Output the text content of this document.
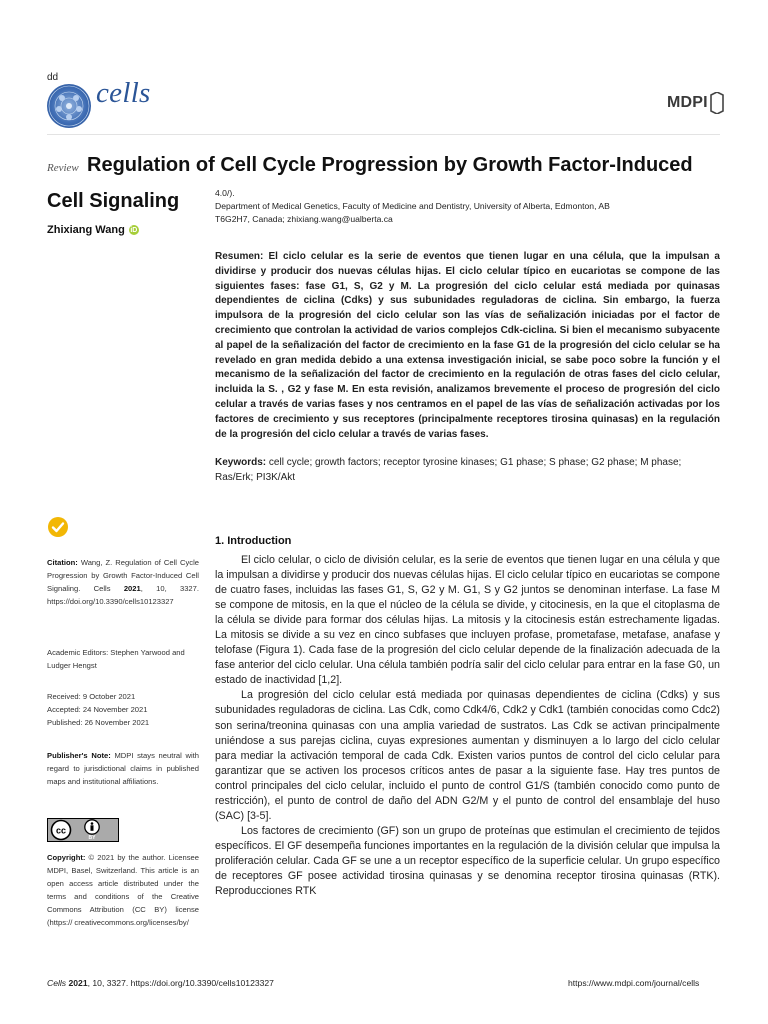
dd cells	MDPI
Review Regulation of Cell Cycle Progression by Growth Factor-Induced
Cell Signaling
Zhixiang Wang iD
4.0/).
Department of Medical Genetics, Faculty of Medicine and Dentistry, University of Alberta, Edmonton, AB
T6G2H7, Canada; zhixiang.wang@ualberta.ca

Resumen: El ciclo celular es la serie de eventos que tienen lugar en una célula, que la impulsan a dividirse y producir dos nuevas células hijas. El ciclo celular típico en eucariotas se compone de las siguientes fases: fase G1, S, G2 y M. La progresión del ciclo celular está mediada por quinasas dependientes de ciclina (Cdks) y sus subunidades reguladoras de ciclina. Sin embargo, la fuerza impulsora de la progresión del ciclo celular son las vías de señalización iniciadas por el factor de crecimiento que controlan la actividad de varios complejos Cdk-ciclina. Si bien el mecanismo subyacente al papel de la señalización del factor de crecimiento en la fase G1 de la progresión del ciclo celular se ha revelado en gran medida debido a una extensa investigación inicial, se sabe poco sobre la función y el mecanismo de la señalización del factor de crecimiento en la regulación de otras fases del ciclo celular, incluida la S. , G2 y fase M. En esta revisión, analizamos brevemente el proceso de progresión del ciclo celular a través de varias fases y nos centramos en el papel de las vías de señalización activadas por los factores de crecimiento y sus receptores (principalmente receptores tirosina quinasas) en la regulación de la progresión del ciclo celular a través de varias fases.

Keywords: cell cycle; growth factors; receptor tyrosine kinases; G1 phase; S phase; G2 phase; M phase; Ras/Erk; PI3K/Akt
Citation: Wang, Z. Regulation of Cell Cycle Progression by Growth Factor-Induced Cell Signaling. Cells 2021, 10, 3327. https://doi.org/10.3390/cells10123327
Academic Editors: Stephen Yarwood and Ludger Hengst
Received: 9 October 2021
Accepted: 24 November 2021
Published: 26 November 2021
Publisher's Note: MDPI stays neutral with regard to jurisdictional claims in published maps and institutional affiliations.
cc
BY
Copyright: © 2021 by the author. Licensee MDPI, Basel, Switzerland. This article is an open access article distributed under the terms and conditions of the Creative Commons Attribution (CC BY) license (https:// creativecommons.org/licenses/by/
1. Introduction

El ciclo celular, o ciclo de división celular, es la serie de eventos que tienen lugar en una célula y que la impulsan a dividirse y producir dos nuevas células hijas. El ciclo celular típico en eucariotas se compone de cuatro fases, incluidas las fases G1, S, G2 y M. G1, S y G2 juntos se denominan interfase. La fase M se compone de mitosis, en la que el núcleo de la célula se divide, y citocinesis, en la que el citoplasma de la célula se divide para formar dos células hijas. La mitosis y la citocinesis están estrechamente ligadas. La mitosis se divide a su vez en cinco subfases que incluyen profase, prometafase, metafase, anafase y telofase (Figura 1). Cada fase de la progresión del ciclo celular depende de la finalización adecuada de la fase anterior del ciclo celular. Una célula también podría salir del ciclo celular para entrar en la fase G0, un estado de inactividad [1,2].

La progresión del ciclo celular está mediada por quinasas dependientes de ciclina (Cdks) y sus subunidades reguladoras de ciclina. Las Cdk, como Cdk4/6, Cdk2 y Cdk1 (también conocidas como Cdc2) son serina/treonina quinasas con una amplia variedad de sustratos. Las Cdk se activan principalmente uniéndose a sus parejas ciclina, cuyas expresiones aumentan y disminuyen a lo largo del ciclo celular para mediar la activación temporal de cada Cdk. Existen varios puntos de control del ciclo celular para garantizar que se activen los procesos críticos antes de pasar a la siguiente fase. Hay tres puntos de control principales del ciclo celular, incluido el punto de control G1/S (también conocido como punto de restricción), el punto de control de daño del ADN G2/M y el punto de control del ensamblaje del huso (SAC) [3-5].

Los factores de crecimiento (GF) son un grupo de proteínas que estimulan el crecimiento de tejidos específicos. El GF desempeña funciones importantes en la regulación de la división celular que impulsa la proliferación celular. Cada GF se une a un receptor específico de la superficie celular. Un grupo específico de receptores GF posee actividad tirosina quinasas y se denomina receptor tirosina quinasas (RTK). Reproducciones RTK

Cells 2021, 10, 3327. https://doi.org/10.3390/cells10123327	https://www.mdpi.com/journal/cells
